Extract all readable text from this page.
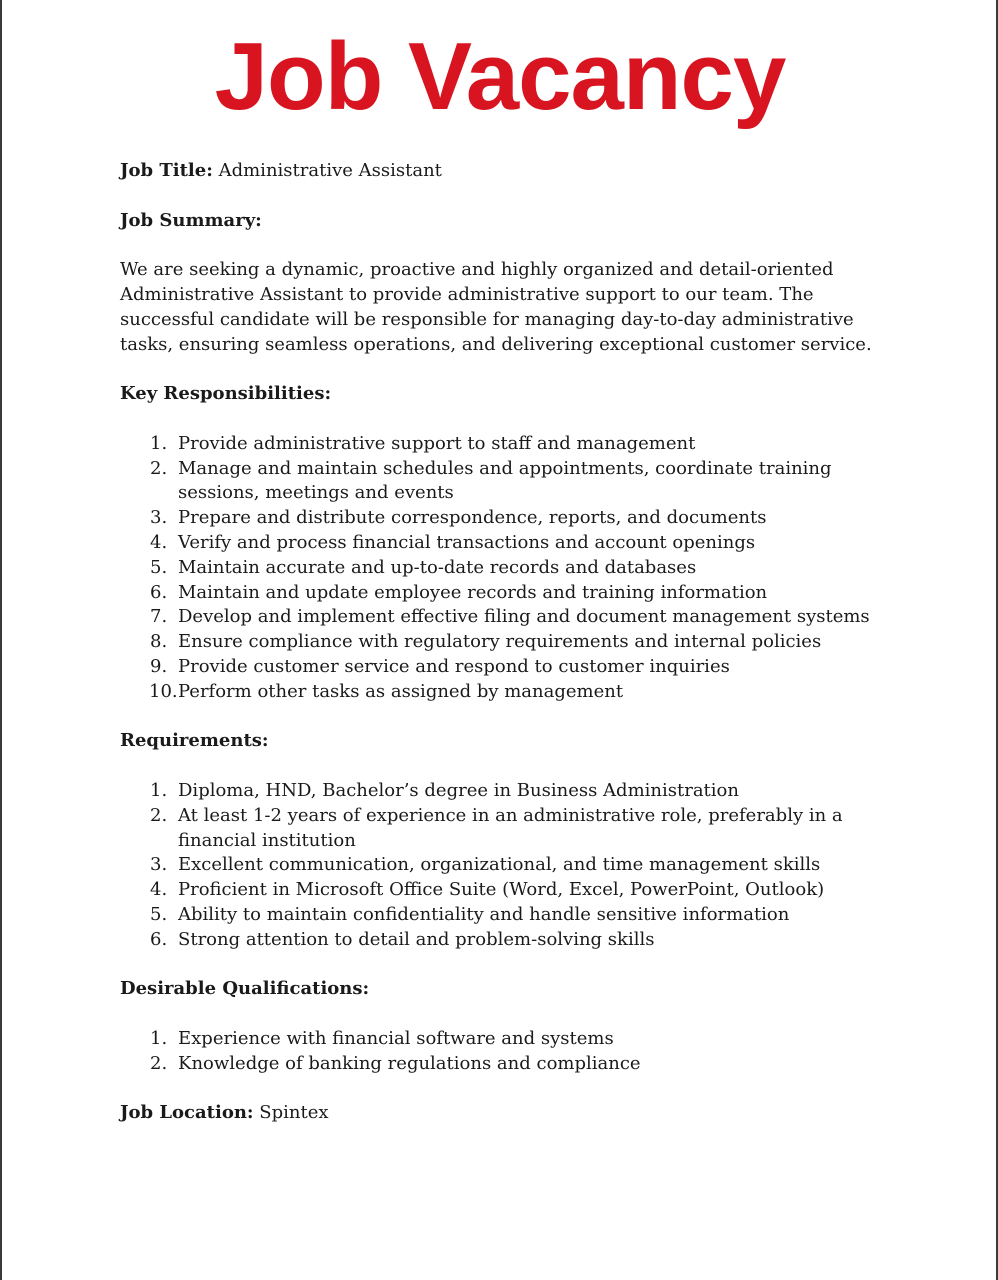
Job Vacancy

Job Title: Administrative Assistant

Job Summary:

We are seeking a dynamic, proactive and highly organized and detail-oriented
Administrative Assistant to provide administrative support to our team. The
successful candidate will be responsible for managing day-to-day administrative
tasks, ensuring seamless operations, and delivering exceptional customer service.

Key Responsibilities:

1. Provide administrative support to staff and management
2. Manage and maintain schedules and appointments, coordinate training
sessions, meetings and events
3. Prepare and distribute correspondence, reports, and documents
4. Verify and process financial transactions and account openings
5. Maintain accurate and up-to-date records and databases
6. Maintain and update employee records and training information
7. Develop and implement effective filing and document management systems
8. Ensure compliance with regulatory requirements and internal policies
9. Provide customer service and respond to customer inquiries
10. Perform other tasks as assigned by management

Requirements:

1. Diploma, HND, Bachelor’s degree in Business Administration
2. At least 1-2 years of experience in an administrative role, preferably in a
financial institution
3. Excellent communication, organizational, and time management skills
4. Proficient in Microsoft Office Suite (Word, Excel, PowerPoint, Outlook)
5. Ability to maintain confidentiality and handle sensitive information
6. Strong attention to detail and problem-solving skills

Desirable Qualifications:

1. Experience with financial software and systems
2. Knowledge of banking regulations and compliance

Job Location: Spintex
